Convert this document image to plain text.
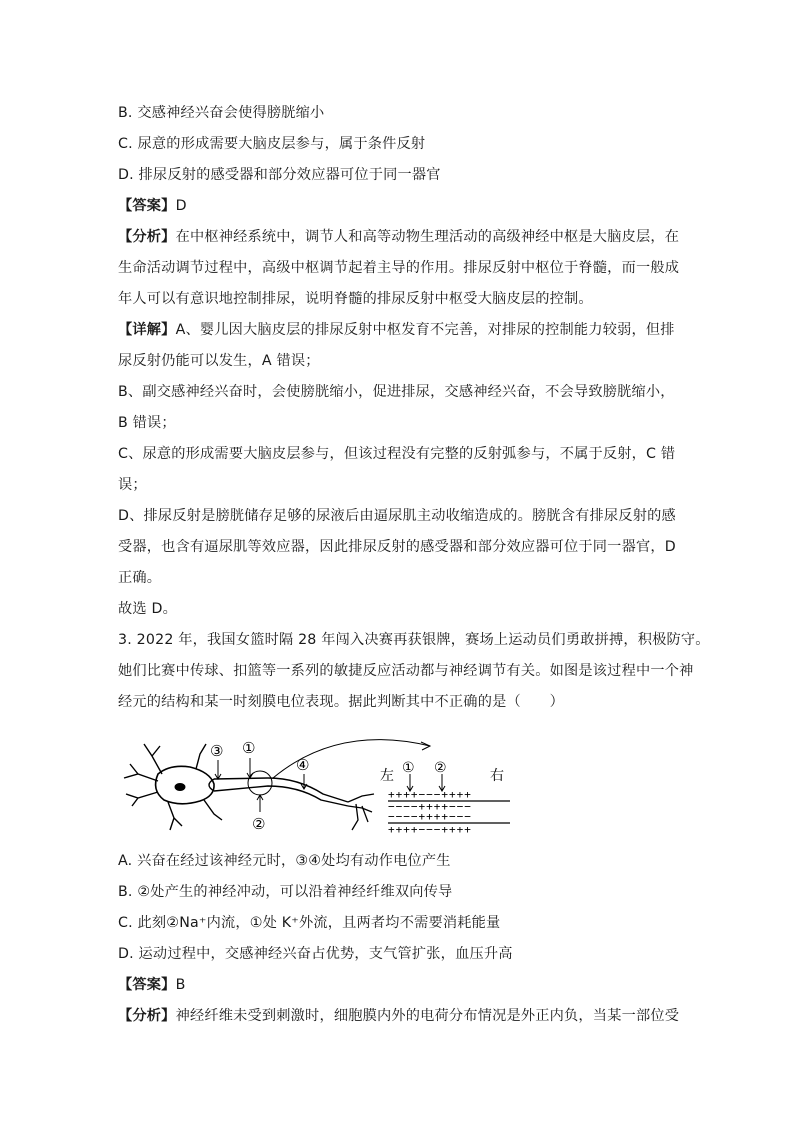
B. 交感神经兴奋会使得膀胱缩小
C. 尿意的形成需要大脑皮层参与，属于条件反射
D. 排尿反射的感受器和部分效应器可位于同一器官
【答案】D
【分析】在中枢神经系统中，调节人和高等动物生理活动的高级神经中枢是大脑皮层，在
生命活动调节过程中，高级中枢调节起着主导的作用。排尿反射中枢位于脊髓，而一般成
年人可以有意识地控制排尿，说明脊髓的排尿反射中枢受大脑皮层的控制。
【详解】A、婴儿因大脑皮层的排尿反射中枢发育不完善，对排尿的控制能力较弱，但排
尿反射仍能可以发生，A 错误；
B、副交感神经兴奋时，会使膀胱缩小，促进排尿，交感神经兴奋，不会导致膀胱缩小，
B 错误；
C、尿意的形成需要大脑皮层参与，但该过程没有完整的反射弧参与，不属于反射，C 错
误；
D、排尿反射是膀胱储存足够的尿液后由逼尿肌主动收缩造成的。膀胱含有排尿反射的感
受器，也含有逼尿肌等效应器，因此排尿反射的感受器和部分效应器可位于同一器官，D
正确。
故选 D。
3. 2022 年，我国女篮时隔 28 年闯入决赛再获银牌，赛场上运动员们勇敢拼搏，积极防守。
她们比赛中传球、扣篮等一系列的敏捷反应活动都与神经调节有关。如图是该过程中一个神
经元的结构和某一时刻膜电位表现。据此判断其中不正确的是（　　）
③ ①
④
②
左	右
① ②
++++−−−++++
−−−−++++−−−
−−−−++++−−−
++++−−−++++
A. 兴奋在经过该神经元时，③④处均有动作电位产生
B. ②处产生的神经冲动，可以沿着神经纤维双向传导
C. 此刻②Na⁺内流，①处 K⁺外流，且两者均不需要消耗能量
D. 运动过程中，交感神经兴奋占优势，支气管扩张，血压升高
【答案】B
【分析】神经纤维未受到刺激时，细胞膜内外的电荷分布情况是外正内负，当某一部位受
